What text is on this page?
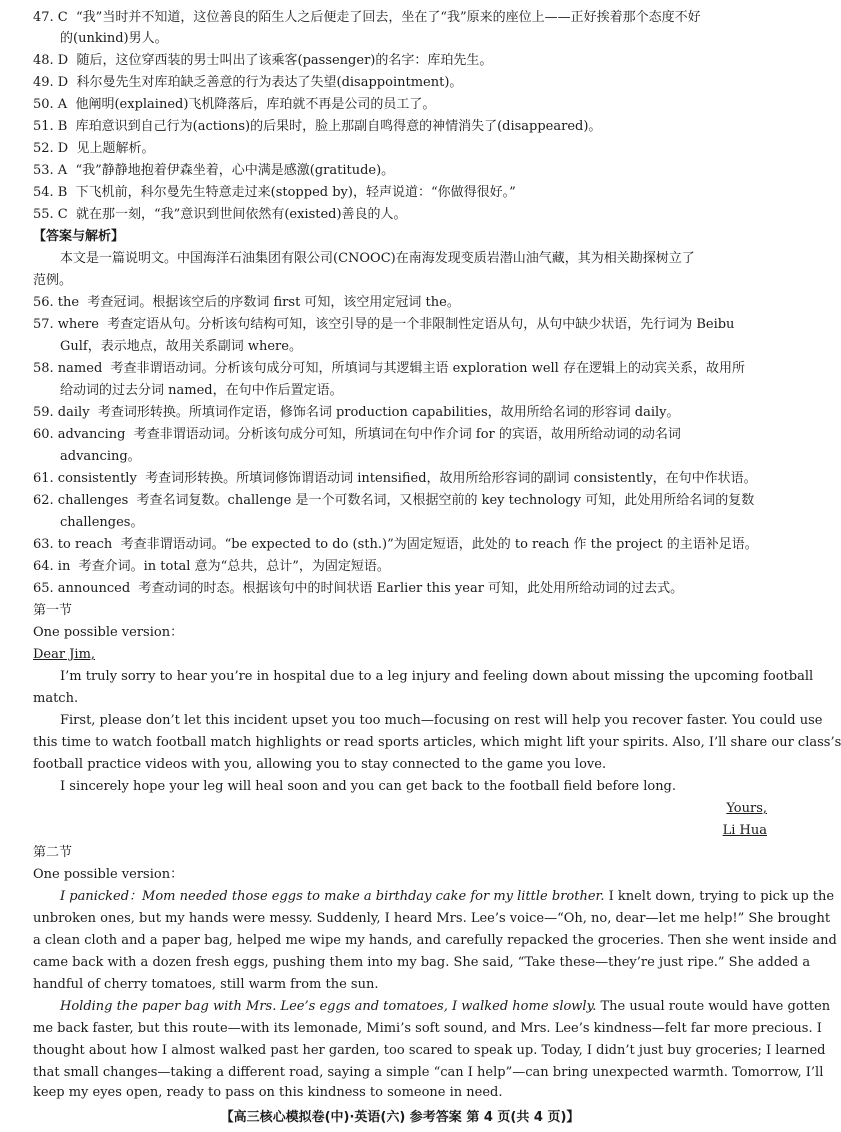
47. C “我”当时并不知道，这位善良的陌生人之后便走了回去，坐在了“我”原来的座位上——正好挨着那个态度不好
的(unkind)男人。
48. D 随后，这位穿西装的男士叫出了该乘客(passenger)的名字：库珀先生。
49. D 科尔曼先生对库珀缺乏善意的行为表达了失望(disappointment)。
50. A 他阐明(explained)飞机降落后，库珀就不再是公司的员工了。
51. B 库珀意识到自己行为(actions)的后果时，脸上那副自鸣得意的神情消失了(disappeared)。
52. D 见上题解析。
53. A “我”静静地抱着伊森坐着，心中满是感激(gratitude)。
54. B 下飞机前，科尔曼先生特意走过来(stopped by)，轻声说道：“你做得很好。”
55. C 就在那一刻，“我”意识到世间依然有(existed)善良的人。
【答案与解析】
本文是一篇说明文。中国海洋石油集团有限公司(CNOOC)在南海发现变质岩潜山油气藏，其为相关勘探树立了
范例。
56. the 考查冠词。根据该空后的序数词 first 可知，该空用定冠词 the。
57. where 考查定语从句。分析该句结构可知，该空引导的是一个非限制性定语从句，从句中缺少状语，先行词为 Beibu
Gulf，表示地点，故用关系副词 where。
58. named 考查非谓语动词。分析该句成分可知，所填词与其逻辑主语 exploration well 存在逻辑上的动宾关系，故用所
给动词的过去分词 named，在句中作后置定语。
59. daily 考查词形转换。所填词作定语，修饰名词 production capabilities，故用所给名词的形容词 daily。
60. advancing 考查非谓语动词。分析该句成分可知，所填词在句中作介词 for 的宾语，故用所给动词的动名词
advancing。
61. consistently 考查词形转换。所填词修饰谓语动词 intensified，故用所给形容词的副词 consistently，在句中作状语。
62. challenges 考查名词复数。challenge 是一个可数名词，又根据空前的 key technology 可知，此处用所给名词的复数
challenges。
63. to reach 考查非谓语动词。“be expected to do (sth.)”为固定短语，此处的 to reach 作 the project 的主语补足语。
64. in 考查介词。in total 意为“总共，总计”，为固定短语。
65. announced 考查动词的时态。根据该句中的时间状语 Earlier this year 可知，此处用所给动词的过去式。
第一节
One possible version：
Dear Jim,
I’m truly sorry to hear you’re in hospital due to a leg injury and feeling down about missing the upcoming football
match.
First, please don’t let this incident upset you too much—focusing on rest will help you recover faster. You could use
this time to watch football match highlights or read sports articles, which might lift your spirits. Also, I’ll share our class’s
football practice videos with you, allowing you to stay connected to the game you love.
I sincerely hope your leg will heal soon and you can get back to the football field before long.
Yours,
Li Hua
第二节
One possible version：
I panicked：Mom needed those eggs to make a birthday cake for my little brother. I knelt down, trying to pick up the
unbroken ones, but my hands were messy. Suddenly, I heard Mrs. Lee’s voice—“Oh, no, dear—let me help!” She brought
a clean cloth and a paper bag, helped me wipe my hands, and carefully repacked the groceries. Then she went inside and
came back with a dozen fresh eggs, pushing them into my bag. She said, “Take these—they’re just ripe.” She added a
handful of cherry tomatoes, still warm from the sun.
Holding the paper bag with Mrs. Lee’s eggs and tomatoes, I walked home slowly. The usual route would have gotten
me back faster, but this route—with its lemonade, Mimi’s soft sound, and Mrs. Lee’s kindness—felt far more precious. I
thought about how I almost walked past her garden, too scared to speak up. Today, I didn’t just buy groceries; I learned
that small changes—taking a different road, saying a simple “can I help”—can bring unexpected warmth. Tomorrow, I’ll
keep my eyes open, ready to pass on this kindness to someone in need.
【高三核心模拟卷(中)·英语(六) 参考答案 第 4 页(共 4 页)】
